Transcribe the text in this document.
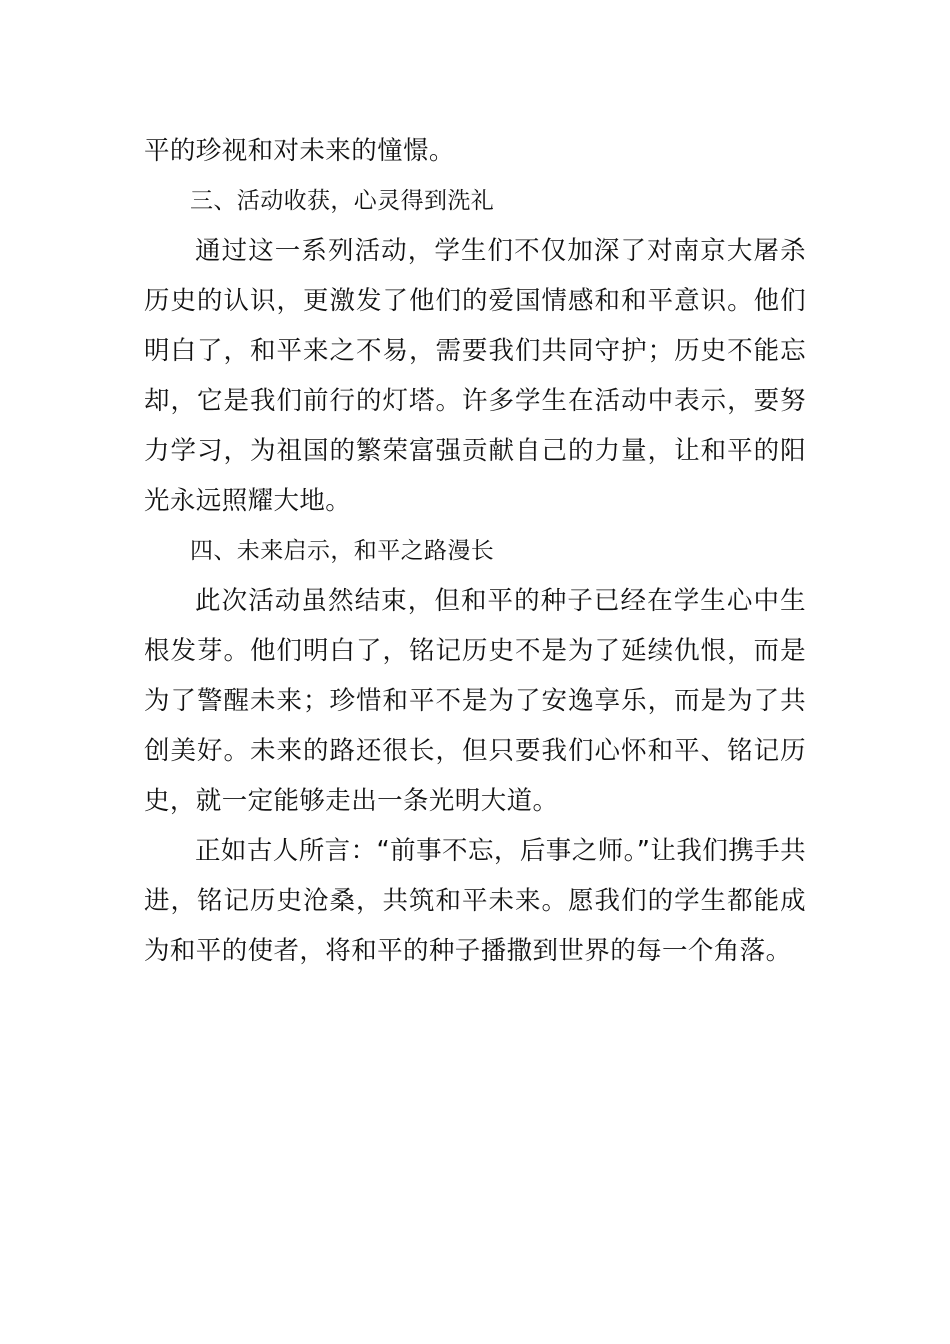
平的珍视和对未来的憧憬。

三、活动收获，心灵得到洗礼

通过这一系列活动，学生们不仅加深了对南京大屠杀历史的认识，更激发了他们的爱国情感和和平意识。他们明白了，和平来之不易，需要我们共同守护；历史不能忘却，它是我们前行的灯塔。许多学生在活动中表示，要努力学习，为祖国的繁荣富强贡献自己的力量，让和平的阳光永远照耀大地。

四、未来启示，和平之路漫长

此次活动虽然结束，但和平的种子已经在学生心中生根发芽。他们明白了，铭记历史不是为了延续仇恨，而是为了警醒未来；珍惜和平不是为了安逸享乐，而是为了共创美好。未来的路还很长，但只要我们心怀和平、铭记历史，就一定能够走出一条光明大道。

正如古人所言：“前事不忘，后事之师。”让我们携手共进，铭记历史沧桑，共筑和平未来。愿我们的学生都能成为和平的使者，将和平的种子播撒到世界的每一个角落。
